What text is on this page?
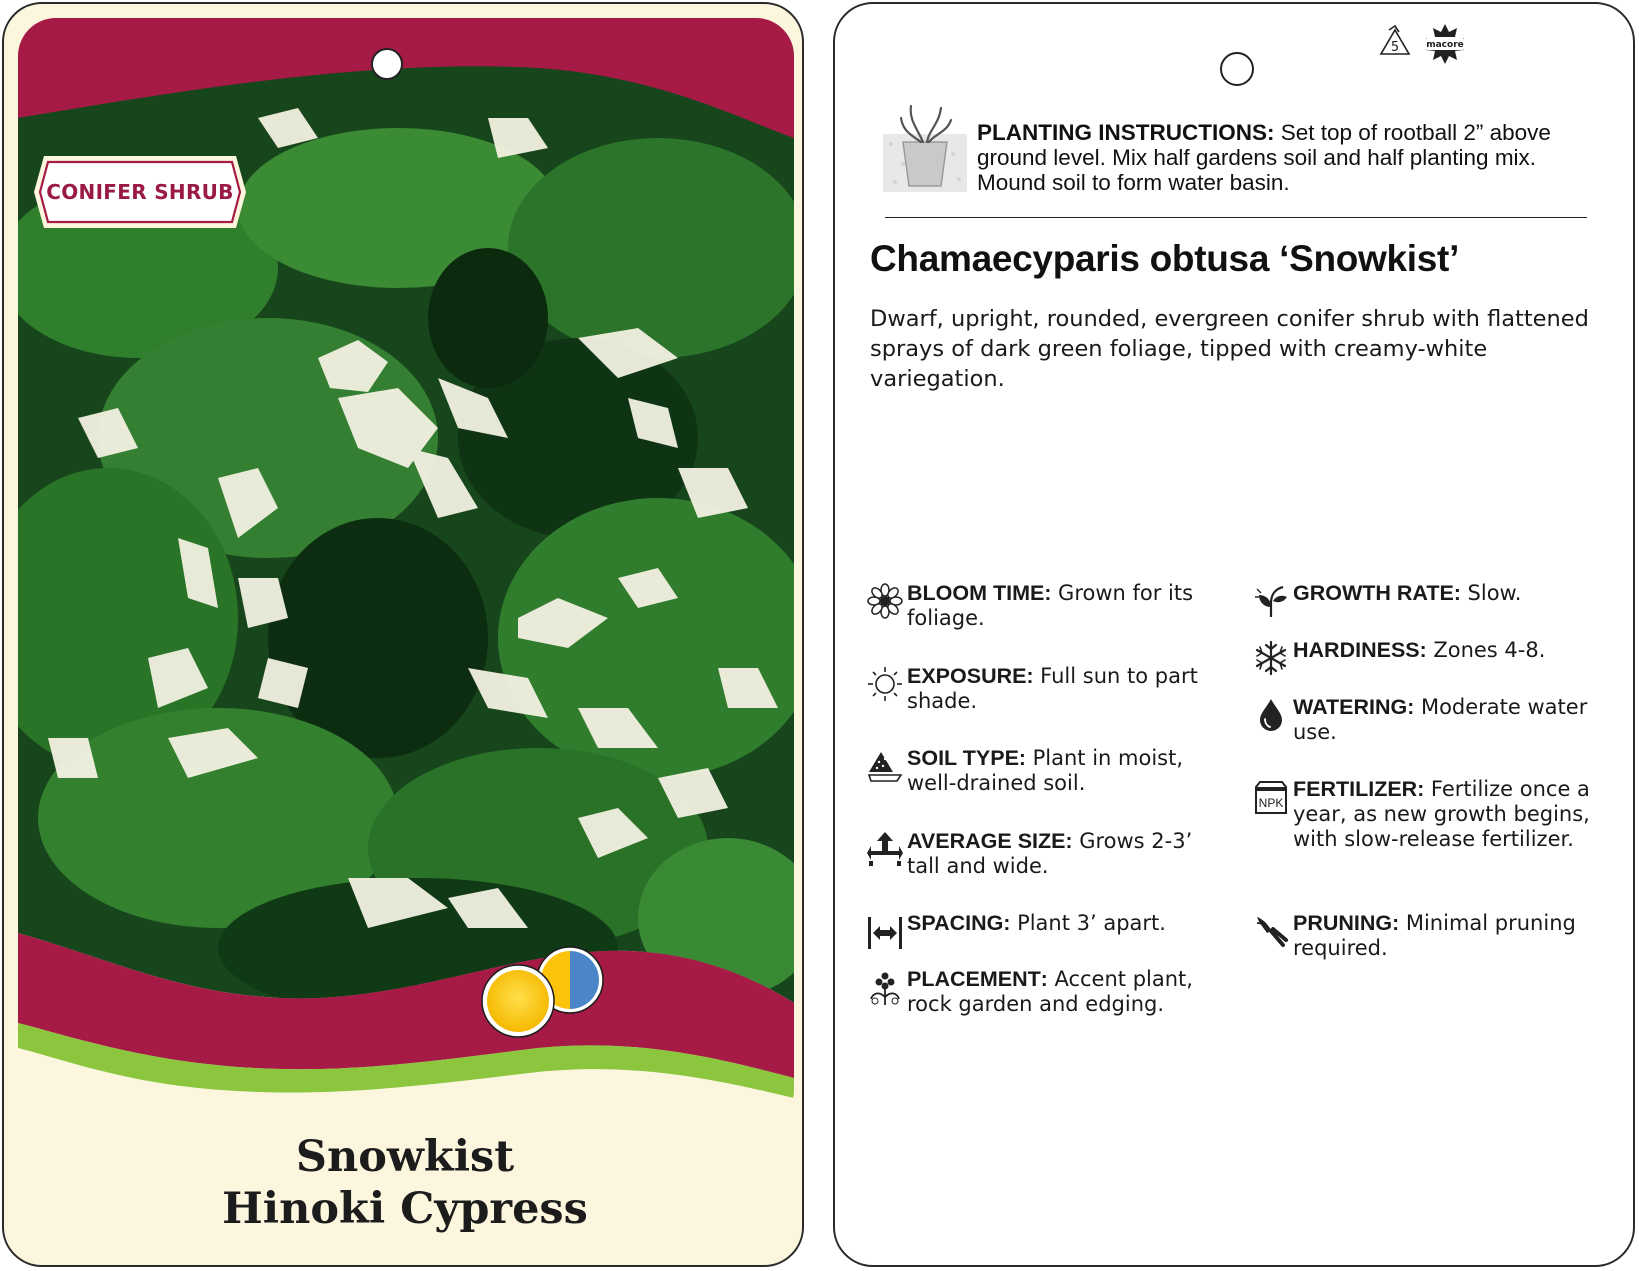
CONIFER SHRUB
Snowkist
Hinoki Cypress
5	macore
PLANTING INSTRUCTIONS: Set top of rootball 2” above ground level. Mix half gardens soil and half planting mix. Mound soil to form water basin.
Chamaecyparis obtusa ‘Snowkist’
Dwarf, upright, rounded, evergreen conifer shrub with flattened sprays of dark green foliage, tipped with creamy-white variegation.
BLOOM TIME: Grown for its foliage.
EXPOSURE: Full sun to part shade.
SOIL TYPE: Plant in moist, well-drained soil.
AVERAGE SIZE: Grows 2-3’ tall and wide.
SPACING: Plant 3’ apart.
PLACEMENT: Accent plant, rock garden and edging.
GROWTH RATE: Slow.
HARDINESS: Zones 4-8.
WATERING: Moderate water use.
NPK
FERTILIZER: Fertilize once a year, as new growth begins, with slow-release fertilizer.
PRUNING: Minimal pruning required.
